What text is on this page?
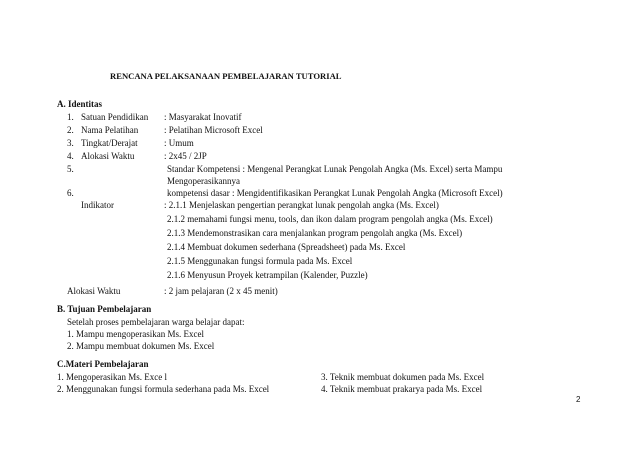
RENCANA PELAKSANAAN PEMBELAJARAN TUTORIAL
A. Identitas
1. Satuan Pendidikan : Masyarakat Inovatif
2. Nama Pelatihan	: Pelatihan Microsoft Excel
3. Tingkat/Derajat	: Umum
4. Alokasi Waktu	: 2x45 / 2JP
5.	Standar Kompetensi : Mengenal Perangkat Lunak Pengolah Angka (Ms. Excel) serta Mampu
Mengoperasikannya
6.	kompetensi dasar : Mengidentifikasikan Perangkat Lunak Pengolah Angka (Microsoft Excel)
Indikator	: 2.1.1 Menjelaskan pengertian perangkat lunak pengolah angka (Ms. Excel)
2.1.2 memahami fungsi menu, tools, dan ikon dalam program pengolah angka (Ms. Excel)
2.1.3 Mendemonstrasikan cara menjalankan program pengolah angka (Ms. Excel)
2.1.4 Membuat dokumen sederhana (Spreadsheet) pada Ms. Excel
2.1.5 Menggunakan fungsi formula pada Ms. Excel
2.1.6 Menyusun Proyek ketrampilan (Kalender, Puzzle)
Alokasi Waktu	: 2 jam pelajaran (2 x 45 menit)
B. Tujuan Pembelajaran
Setelah proses pembelajaran warga belajar dapat:
1. Mampu mengoperasikan Ms. Excel
2. Mampu membuat dokumen Ms. Excel
C.Materi Pembelajaran
1. Mengoperasikan Ms. Exce l
2. Menggunakan fungsi formula sederhana pada Ms. Excel
3. Teknik membuat dokumen pada Ms. Excel
4. Teknik membuat prakarya pada Ms. Excel
2
